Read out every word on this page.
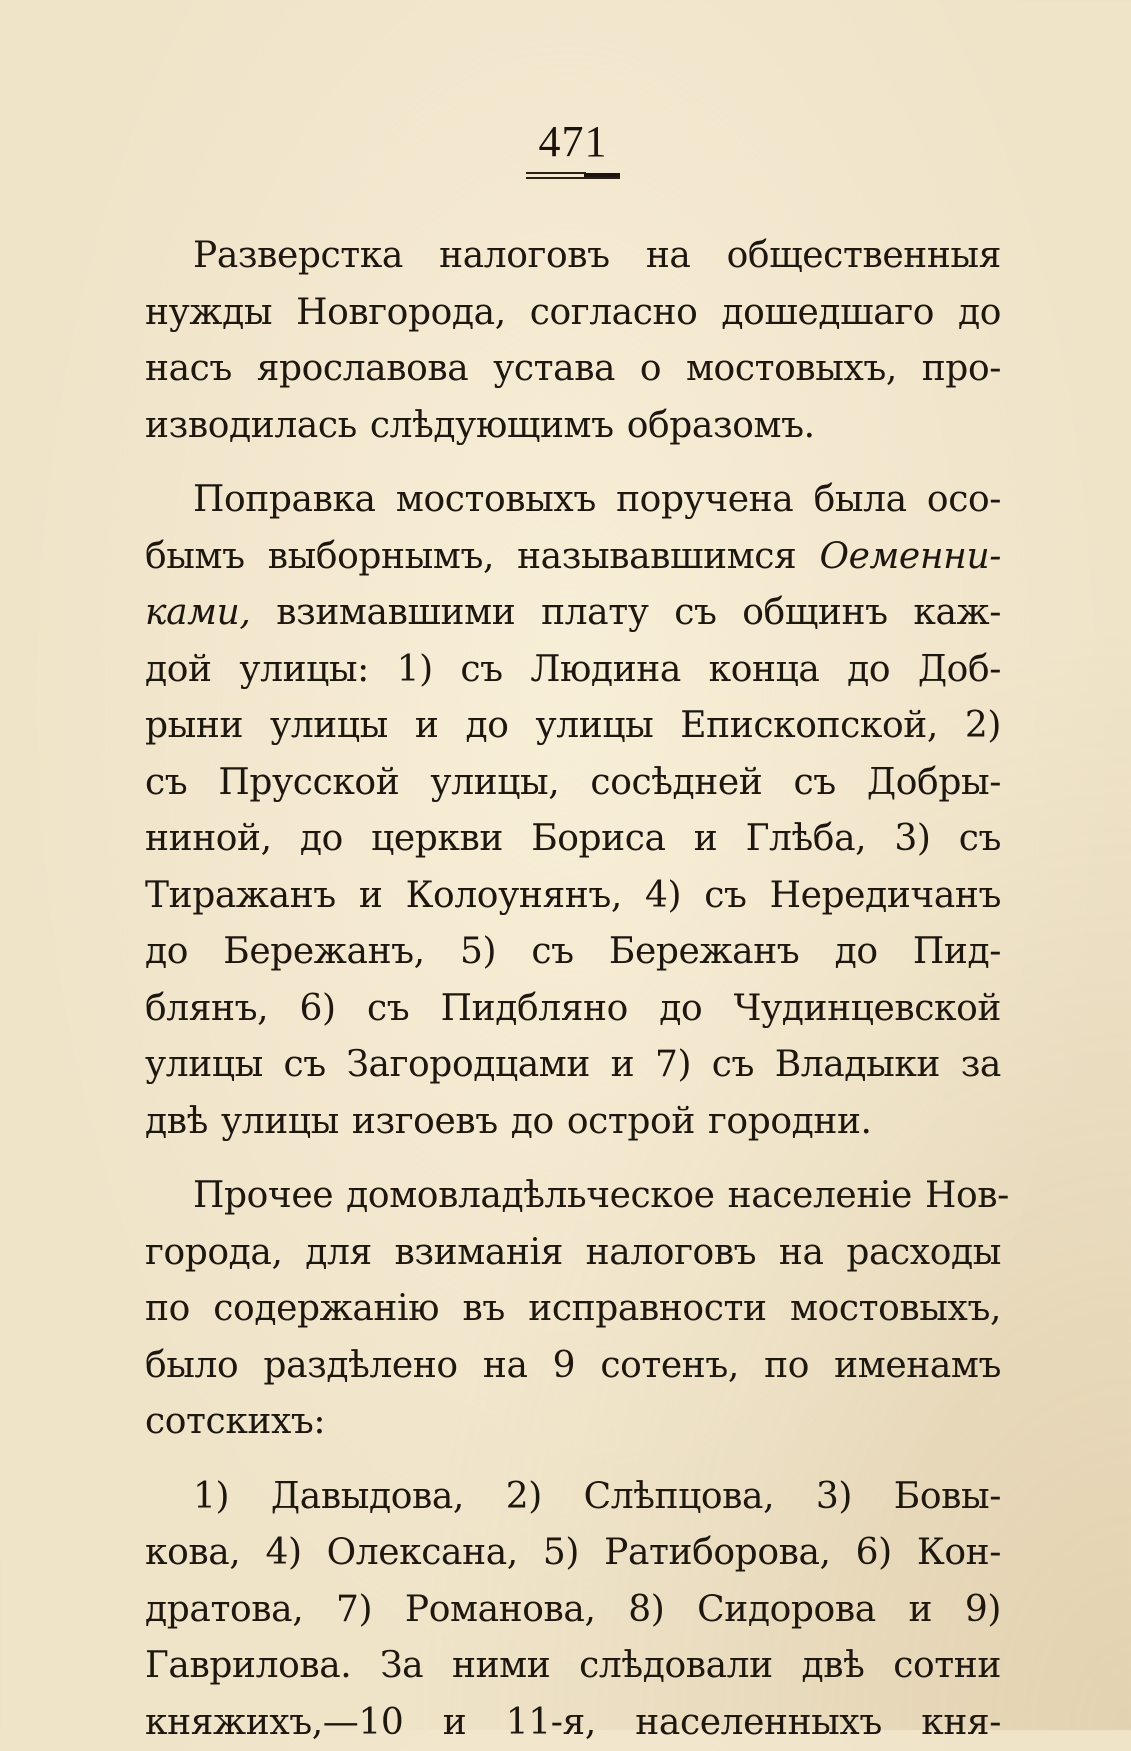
471

Разверстка налоговъ на общественныя
нужды Новгорода, согласно дошедшаго до
насъ ярославова устава о мостовыхъ, про-
изводилась слѣдующимъ образомъ.

Поправка мостовыхъ поручена была осо-
бымъ выборнымъ, называвшимся Оеменни-
ками, взимавшими плату съ общинъ каж-
дой улицы: 1) съ Людина конца до Доб-
рыни улицы и до улицы Епископской, 2)
съ Прусской улицы, сосѣдней съ Добры-
ниной, до церкви Бориса и Глѣба, 3) съ
Тиражанъ и Колоунянъ, 4) съ Нередичанъ
до Бережанъ, 5) съ Бережанъ до Пид-
блянъ, 6) съ Пидбляно до Чудинцевской
улицы съ Загородцами и 7) съ Владыки за
двѣ улицы изгоевъ до острой городни.

Прочее домовладѣльческое населеніе Нов-
города, для взиманія налоговъ на расходы
по содержанію въ исправности мостовыхъ,
было раздѣлено на 9 сотенъ, по именамъ
сотскихъ:

1) Давыдова, 2) Слѣпцова, 3) Бовы-
кова, 4) Олексана, 5) Ратиборова, 6) Кон-
дратова, 7) Романова, 8) Сидорова и 9)
Гаврилова. За ними слѣдовали двѣ сотни
княжихъ,—10 и 11-я, населенныхъ кня-
